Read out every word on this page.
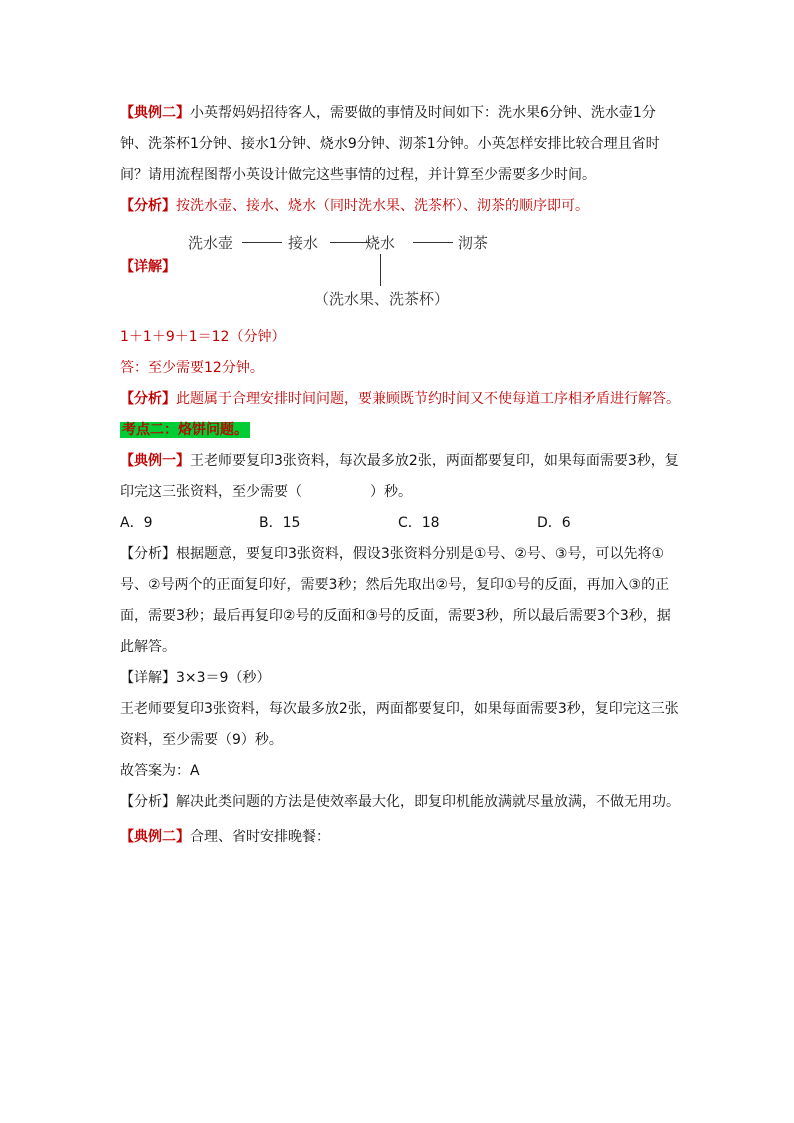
【典例二】小英帮妈妈招待客人，需要做的事情及时间如下：洗水果6分钟、洗水壶1分钟、洗茶杯1分钟、接水1分钟、烧水9分钟、沏茶1分钟。小英怎样安排比较合理且省时间？请用流程图帮小英设计做完这些事情的过程，并计算至少需要多少时间。

【分析】按洗水壶、接水、烧水（同时洗水果、洗茶杯）、沏茶的顺序即可。

洗水壶	接水	烧水	沏茶
（洗水果、洗茶杯）
【详解】

1＋1＋9＋1＝12（分钟）

答：至少需要12分钟。

【分析】此题属于合理安排时间问题，要兼顾既节约时间又不使每道工序相矛盾进行解答。

考点二：烙饼问题。

【典例一】王老师要复印3张资料，每次最多放2张，两面都要复印，如果每面需要3秒，复印完这三张资料，至少需要（	）秒。

A．9	B．15	C．18	D．6

【分析】根据题意，要复印3张资料，假设3张资料分别是①号、②号、③号，可以先将①号、②号两个的正面复印好，需要3秒；然后先取出②号，复印①号的反面，再加入③的正面，需要3秒；最后再复印②号的反面和③号的反面，需要3秒，所以最后需要3个3秒，据此解答。

【详解】3×3＝9（秒）

王老师要复印3张资料，每次最多放2张，两面都要复印，如果每面需要3秒，复印完这三张资料，至少需要（9）秒。

故答案为：A

【分析】解决此类问题的方法是使效率最大化，即复印机能放满就尽量放满，不做无用功。

【典例二】合理、省时安排晚餐：
